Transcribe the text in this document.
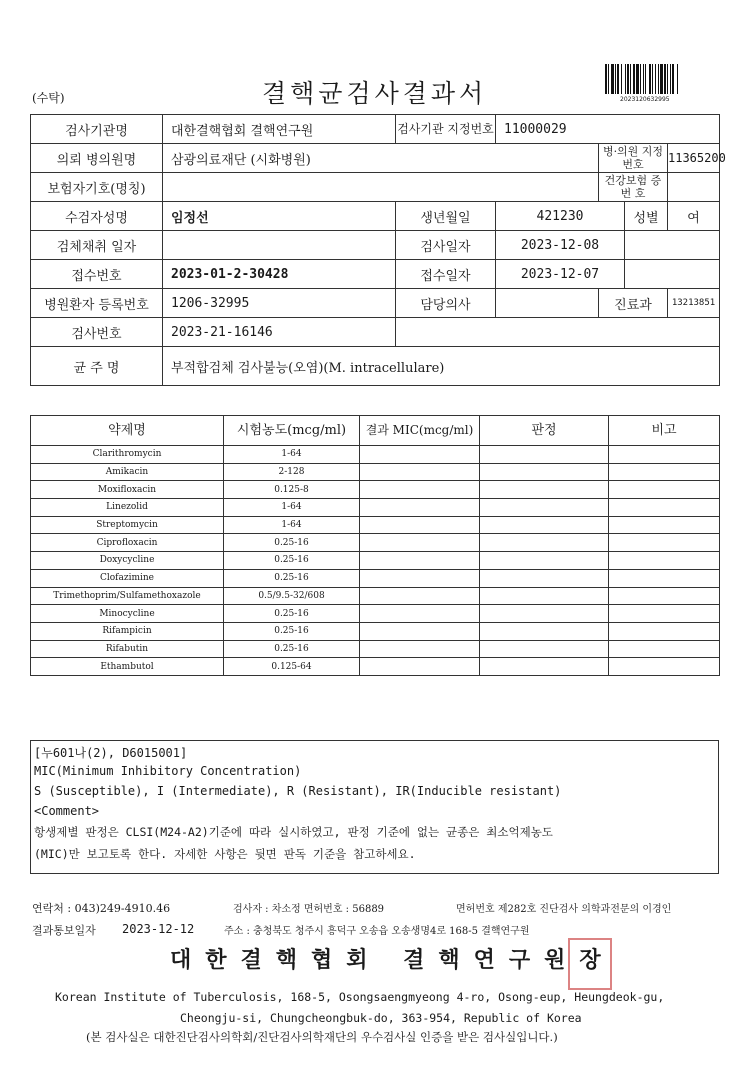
(수탁)	결핵균검사결과서	2023120632995
검사기관명	대한결핵협회 결핵연구원	검사기관 지정번호	11000029			
의뢰 병의원명	삼광의료재단 (시화병원)			병·의원 지정번호		11365200
보험자기호(명칭)				건강보험 증 번 호		
수검자성명	임정선	생년월일	421230		성별	여
검체채취 일자		검사일자	2023-12-08			
접수번호	2023-01-2-30428	접수일자	2023-12-07			
병원환자 등록번호	1206-32995	담당의사		진료과		13213851
검사번호	2023-21-16146					
균 주 명	부적합검체 검사불능(오염)(M. intracellulare)					
약제명	시험농도(mcg/ml)	결과 MIC(mcg/ml)	판정	비고
Clarithromycin	1-64			
Amikacin	2-128			
Moxifloxacin	0.125-8			
Linezolid	1-64			
Streptomycin	1-64			
Ciprofloxacin	0.25-16			
Doxycycline	0.25-16			
Clofazimine	0.25-16			
Trimethoprim/Sulfamethoxazole	0.5/9.5-32/608			
Minocycline	0.25-16			
Rifampicin	0.25-16			
Rifabutin	0.25-16			
Ethambutol	0.125-64			
[누601나(2), D6015001]
MIC(Minimum Inhibitory Concentration)
S (Susceptible), I (Intermediate), R (Resistant), IR(Inducible resistant)
<Comment>
항생제별 판정은 CLSI(M24-A2)기준에 따라 실시하였고, 판정 기준에 없는 균종은 최소억제농도
(MIC)만 보고토록 한다. 자세한 사항은 뒷면 판독 기준을 참고하세요.
연락처 : 043)249-4910.46	검사자 : 차소정 면허번호 : 56889	면허번호 제282호 진단검사 의학과전문의 이경인
결과통보일자 2023-12-12	주소 : 충청북도 청주시 흥덕구 오송읍 오송생명4로 168-5 결핵연구원
대한결핵협회 결핵연구원장
Korean Institute of Tuberculosis, 168-5, Osongsaengmyeong 4-ro, Osong-eup, Heungdeok-gu,
Cheongju-si, Chungcheongbuk-do, 363-954, Republic of Korea
(본 검사실은 대한진단검사의학회/진단검사의학재단의 우수검사실 인증을 받은 검사실입니다.)
